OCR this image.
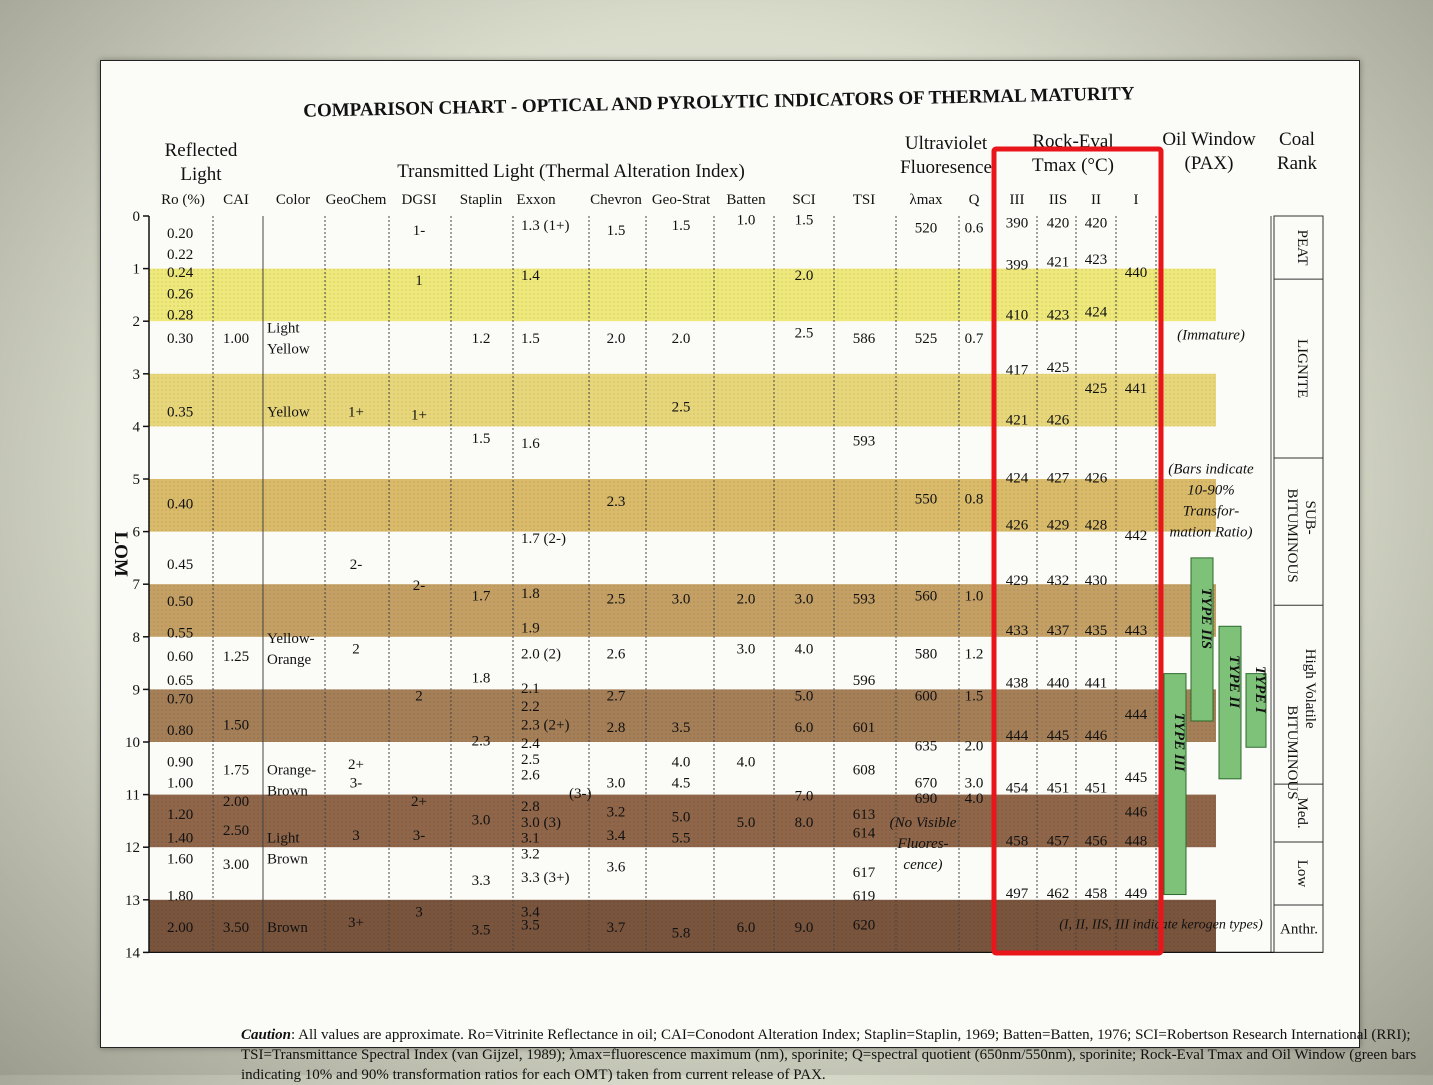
0
1
2
3
4
5
6
7
8
9
10
11
12
13
14
LOM
COMPARISON CHART - OPTICAL AND PYROLYTIC INDICATORS OF THERMAL MATURITY
Reflected
Light	Transmitted Light (Thermal Alteration Index)
Ultraviolet
Fluoresence
Rock-Eval
Tmax (°C)
Oil Window
(PAX)
Coal
Rank
Ro (%) CAI Color GeoChem DGSI Staplin Exxon Chevron Geo-Strat Batten SCI TSI λmax Q III IIS II I
0.20
0.22
0.24
0.26
0.28
0.30
0.35
0.40
0.45
0.50
0.55
0.60
0.65
0.70
0.80
0.90
1.00
1.20
1.40
1.60
1.80
2.00
1.00
1.25
1.50
1.75
2.00
2.50
3.00
3.50
Light
Yellow
Yellow
Yellow-
Orange
Orange-
Brown
Light
Brown
Brown
1+
2-
2
2+
3-
3
3+
1-
1
1+
2-
2
2+
3-
3
1.2
1.5
1.7
1.8
2.3
3.0
3.3
3.5
1.3 (1+)
1.4
1.5
1.6
1.7 (2-)
1.8
1.9
2.0 (2)
2.1
2.2
2.3 (2+)
2.4
2.5
2.6
2.8
3.0 (3)
3.1
3.2
3.3 (3+)
3.4
3.5
1.5
2.0
2.3
2.5
2.6
2.7
2.8
3.0
3.2
3.4
3.6
3.7
1.5
2.0
2.5
3.0
3.5
4.0
4.5
5.0
5.5
5.8
1.0
2.0
3.0
4.0
5.0
6.0
1.5
2.0
2.5
3.0
4.0
5.0
6.0
7.0
8.0
9.0
586
593
593
596
601
608
613
614
617
619
620
520
525
550
560
580
600
635
670
690
0.6
0.7
0.8
1.0
1.2
1.5
2.0
3.0
4.0
390
399
410
417
421
424
426
429
433
438
444
454
458
497
420
421
423
425
426
427
429
432
437
440
445
451
457
462
420
423
424
425
426
428
430
435
441
446
451
456
458
440
441
442
443
444
445
446
448
449
(3-)
(No Visible
Fluores-
cence)
(Immature)
(Bars indicate
10-90%
Transfor-
mation Ratio)
(I, II, IIS, III indicate kerogen types)
TYPE IIS
TYPE II TYPE I
TYPE III
PEAT
LIGNITE
SUB-
BITUMINOUS
High Volatile
BITUMINOUS
Med.
Low
Anthr.
Caution: All values are approximate. Ro=Vitrinite Reflectance in oil; CAI=Conodont Alteration Index; Staplin=Staplin, 1969; Batten=Batten, 1976; SCI=Robertson Research International (RRI); TSI=Transmittance Spectral Index (van Gijzel, 1989); λmax=fluorescence maximum (nm), sporinite; Q=spectral quotient (650nm/550nm), sporinite; Rock-Eval Tmax and Oil Window (green bars indicating 10% and 90% transformation ratios for each OMT) taken from current release of PAX.
